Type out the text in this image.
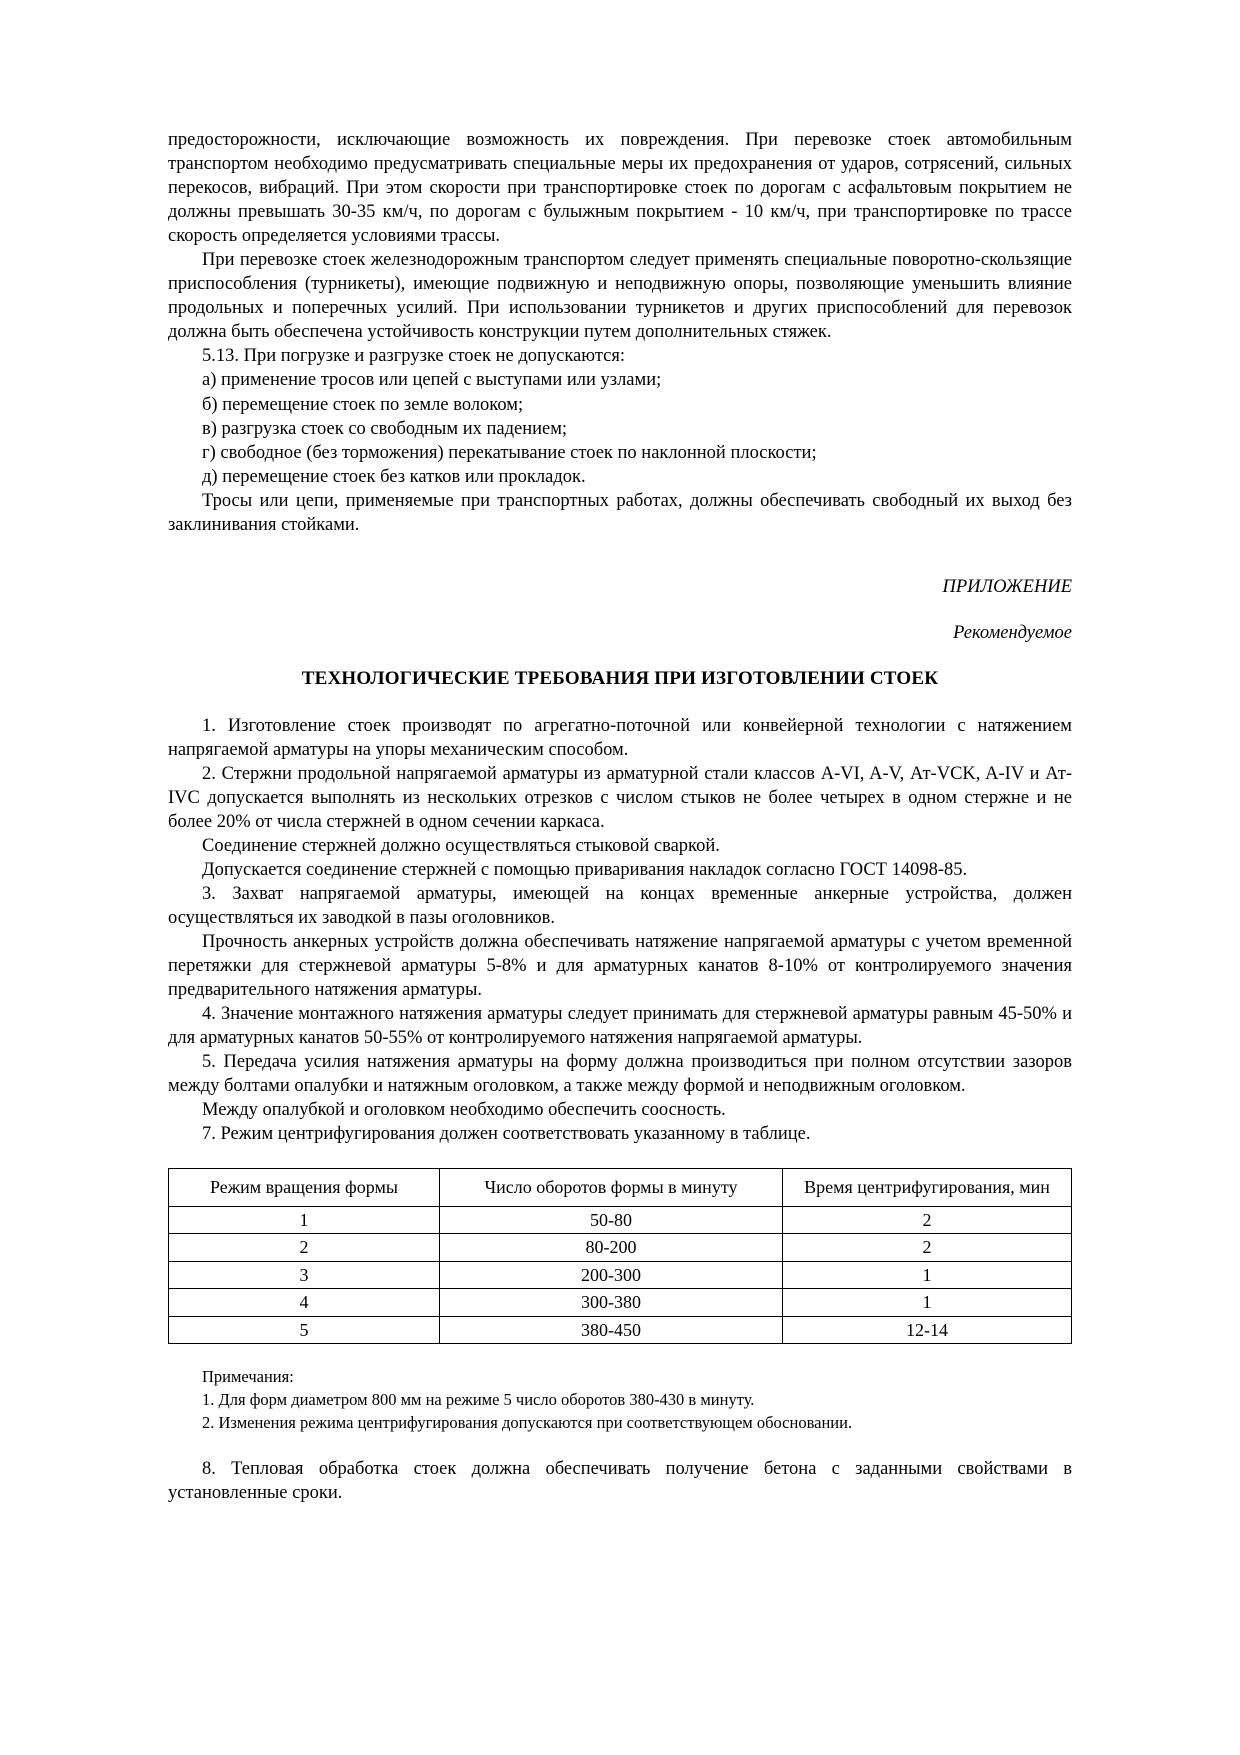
предосторожности, исключающие возможность их повреждения. При перевозке стоек автомобильным транспортом необходимо предусматривать специальные меры их предохранения от ударов, сотрясений, сильных перекосов, вибраций. При этом скорости при транспортировке стоек по дорогам с асфальтовым покрытием не должны превышать 30-35 км/ч, по дорогам с булыжным покрытием - 10 км/ч, при транспортировке по трассе скорость определяется условиями трассы.

При перевозке стоек железнодорожным транспортом следует применять специальные поворотно-скользящие приспособления (турникеты), имеющие подвижную и неподвижную опоры, позволяющие уменьшить влияние продольных и поперечных усилий. При использовании турникетов и других приспособлений для перевозок должна быть обеспечена устойчивость конструкции путем дополнительных стяжек.

5.13. При погрузке и разгрузке стоек не допускаются:

а) применение тросов или цепей с выступами или узлами;

б) перемещение стоек по земле волоком;

в) разгрузка стоек со свободным их падением;

г) свободное (без торможения) перекатывание стоек по наклонной плоскости;

д) перемещение стоек без катков или прокладок.

Тросы или цепи, применяемые при транспортных работах, должны обеспечивать свободный их выход без заклинивания стойками.

ПРИЛОЖЕНИЕ
Рекомендуемое

ТЕХНОЛОГИЧЕСКИЕ ТРЕБОВАНИЯ ПРИ ИЗГОТОВЛЕНИИ СТОЕК

1. Изготовление стоек производят по агрегатно-поточной или конвейерной технологии с натяжением напрягаемой арматуры на упоры механическим способом.

2. Стержни продольной напрягаемой арматуры из арматурной стали классов A-VI, A-V, Ат-VCK, A-IV и Ат-IVC допускается выполнять из нескольких отрезков с числом стыков не более четырех в одном стержне и не более 20% от числа стержней в одном сечении каркаса.

Соединение стержней должно осуществляться стыковой сваркой.

Допускается соединение стержней с помощью приваривания накладок согласно ГОСТ 14098-85.

3. Захват напрягаемой арматуры, имеющей на концах временные анкерные устройства, должен осуществляться их заводкой в пазы оголовников.

Прочность анкерных устройств должна обеспечивать натяжение напрягаемой арматуры с учетом временной перетяжки для стержневой арматуры 5-8% и для арматурных канатов 8-10% от контролируемого значения предварительного натяжения арматуры.

4. Значение монтажного натяжения арматуры следует принимать для стержневой арматуры равным 45-50% и для арматурных канатов 50-55% от контролируемого натяжения напрягаемой арматуры.

5. Передача усилия натяжения арматуры на форму должна производиться при полном отсутствии зазоров между болтами опалубки и натяжным оголовком, а также между формой и неподвижным оголовком.

Между опалубкой и оголовком необходимо обеспечить соосность.

7. Режим центрифугирования должен соответствовать указанному в таблице.

Режим вращения формы	Число оборотов формы в минуту	Время центрифугирования, мин
1	50-80	2
2	80-200	2
3	200-300	1
4	300-380	1
5	380-450	12-14
Примечания:
1. Для форм диаметром 800 мм на режиме 5 число оборотов 380-430 в минуту.
2. Изменения режима центрифугирования допускаются при соответствующем обосновании.

8. Тепловая обработка стоек должна обеспечивать получение бетона с заданными свойствами в установленные сроки.
